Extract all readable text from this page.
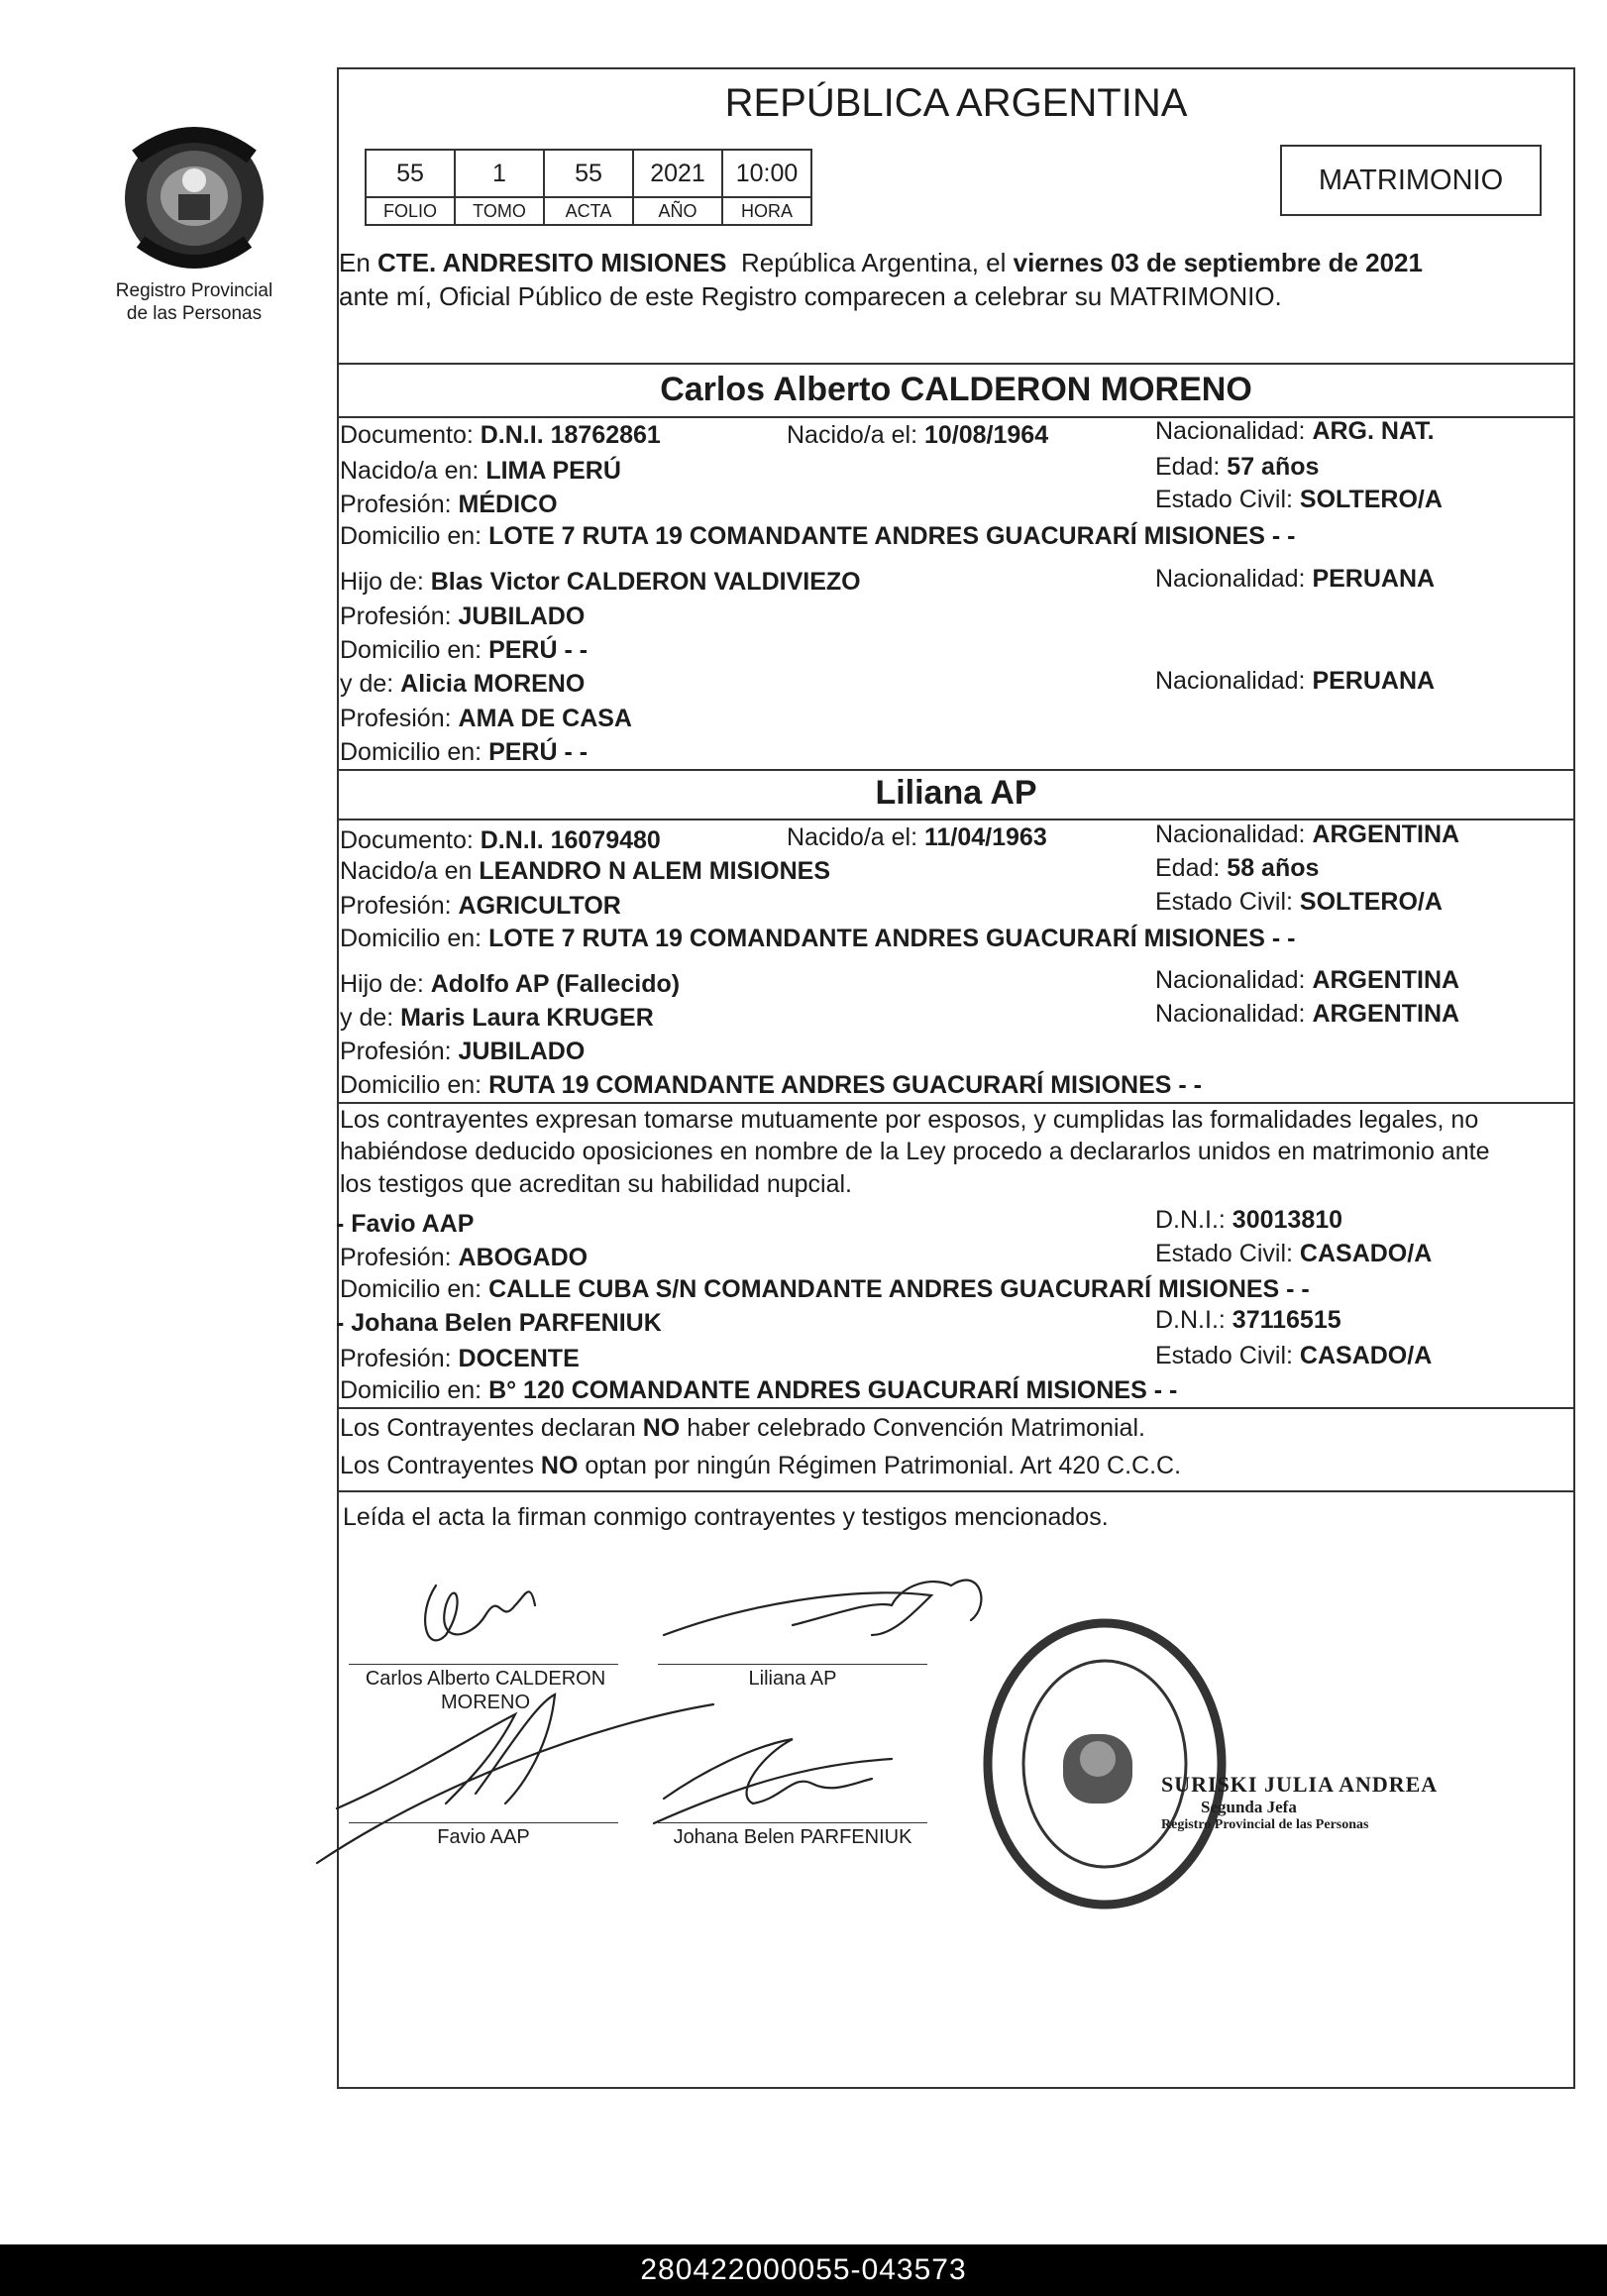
Registro Provincial
de las Personas
REPÚBLICA ARGENTINA
55	1	55	2021	10:00
FOLIO	TOMO	ACTA	AÑO	HORA
MATRIMONIO
En CTE. ANDRESITO MISIONES República Argentina, el viernes 03 de septiembre de 2021
ante mí, Oficial Público de este Registro comparecen a celebrar su MATRIMONIO.
Carlos Alberto CALDERON MORENO
Documento: D.N.I. 18762861	Nacido/a el: 10/08/1964	Nacionalidad: ARG. NAT.
Nacido/a en: LIMA PERÚ	Edad: 57 años
Profesión: MÉDICO	Estado Civil: SOLTERO/A
Domicilio en: LOTE 7 RUTA 19 COMANDANTE ANDRES GUACURARÍ MISIONES - -
Hijo de: Blas Victor CALDERON VALDIVIEZO	Nacionalidad: PERUANA
Profesión: JUBILADO
Domicilio en: PERÚ - -
y de: Alicia MORENO	Nacionalidad: PERUANA
Profesión: AMA DE CASA
Domicilio en: PERÚ - -
Liliana AP
Documento: D.N.I. 16079480	Nacido/a el: 11/04/1963	Nacionalidad: ARGENTINA
Nacido/a en LEANDRO N ALEM MISIONES	Edad: 58 años
Profesión: AGRICULTOR	Estado Civil: SOLTERO/A
Domicilio en: LOTE 7 RUTA 19 COMANDANTE ANDRES GUACURARÍ MISIONES - -
Hijo de: Adolfo AP (Fallecido)	Nacionalidad: ARGENTINA
y de: Maris Laura KRUGER	Nacionalidad: ARGENTINA
Profesión: JUBILADO
Domicilio en: RUTA 19 COMANDANTE ANDRES GUACURARÍ MISIONES - -
Los contrayentes expresan tomarse mutuamente por esposos, y cumplidas las formalidades legales, no
habiéndose deducido oposiciones en nombre de la Ley procedo a declararlos unidos en matrimonio ante
los testigos que acreditan su habilidad nupcial.
- Favio AAP	D.N.I.: 30013810
Profesión: ABOGADO	Estado Civil: CASADO/A
Domicilio en: CALLE CUBA S/N COMANDANTE ANDRES GUACURARÍ MISIONES - -
- Johana Belen PARFENIUK	D.N.I.: 37116515
Profesión: DOCENTE	Estado Civil: CASADO/A
Domicilio en: B° 120 COMANDANTE ANDRES GUACURARÍ MISIONES - -
Los Contrayentes declaran NO haber celebrado Convención Matrimonial.
Los Contrayentes NO optan por ningún Régimen Patrimonial. Art 420 C.C.C.
Leída el acta la firman conmigo contrayentes y testigos mencionados.
Carlos Alberto CALDERON
MORENO
Liliana AP
Favio AAP	Johana Belen PARFENIUK
SURISKI JULIA ANDREA
Segunda Jefa
Registro Provincial de las Personas
280422000055-043573
